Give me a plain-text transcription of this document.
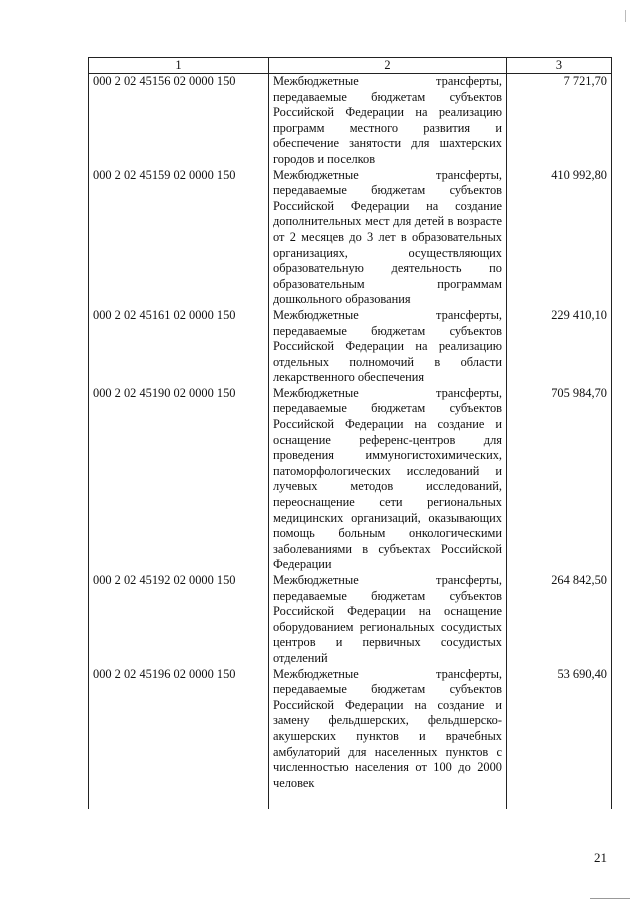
1	2	3
000 2 02 45156 02 0000 150	Межбюджетные трансферты, передаваемые бюджетам субъектов Российской Федерации на реализацию программ местного развития и обеспечение занятости для шахтерских городов и поселков	7 721,70
000 2 02 45159 02 0000 150	Межбюджетные трансферты, передаваемые бюджетам субъектов Российской Федерации на создание дополнительных мест для детей в возрасте от 2 месяцев до 3 лет в образовательных организациях, осуществляющих образовательную деятельность по образовательным программам дошкольного образования	410 992,80
000 2 02 45161 02 0000 150	Межбюджетные трансферты, передаваемые бюджетам субъектов Российской Федерации на реализацию отдельных полномочий в области лекарственного обеспечения	229 410,10
000 2 02 45190 02 0000 150	Межбюджетные трансферты, передаваемые бюджетам субъектов Российской Федерации на создание и оснащение референс-центров для проведения иммуногистохимических, патоморфологических исследований и лучевых методов исследований, переоснащение сети региональных медицинских организаций, оказывающих помощь больным онкологическими заболеваниями в субъектах Российской Федерации	705 984,70
000 2 02 45192 02 0000 150	Межбюджетные трансферты, передаваемые бюджетам субъектов Российской Федерации на оснащение оборудованием региональных сосудистых центров и первичных сосудистых отделений	264 842,50
000 2 02 45196 02 0000 150	Межбюджетные трансферты, передаваемые бюджетам субъектов Российской Федерации на создание и замену фельдшерских, фельдшерско-акушерских пунктов и врачебных амбулаторий для населенных пунктов с численностью населения от 100 до 2000 человек	53 690,40

21
